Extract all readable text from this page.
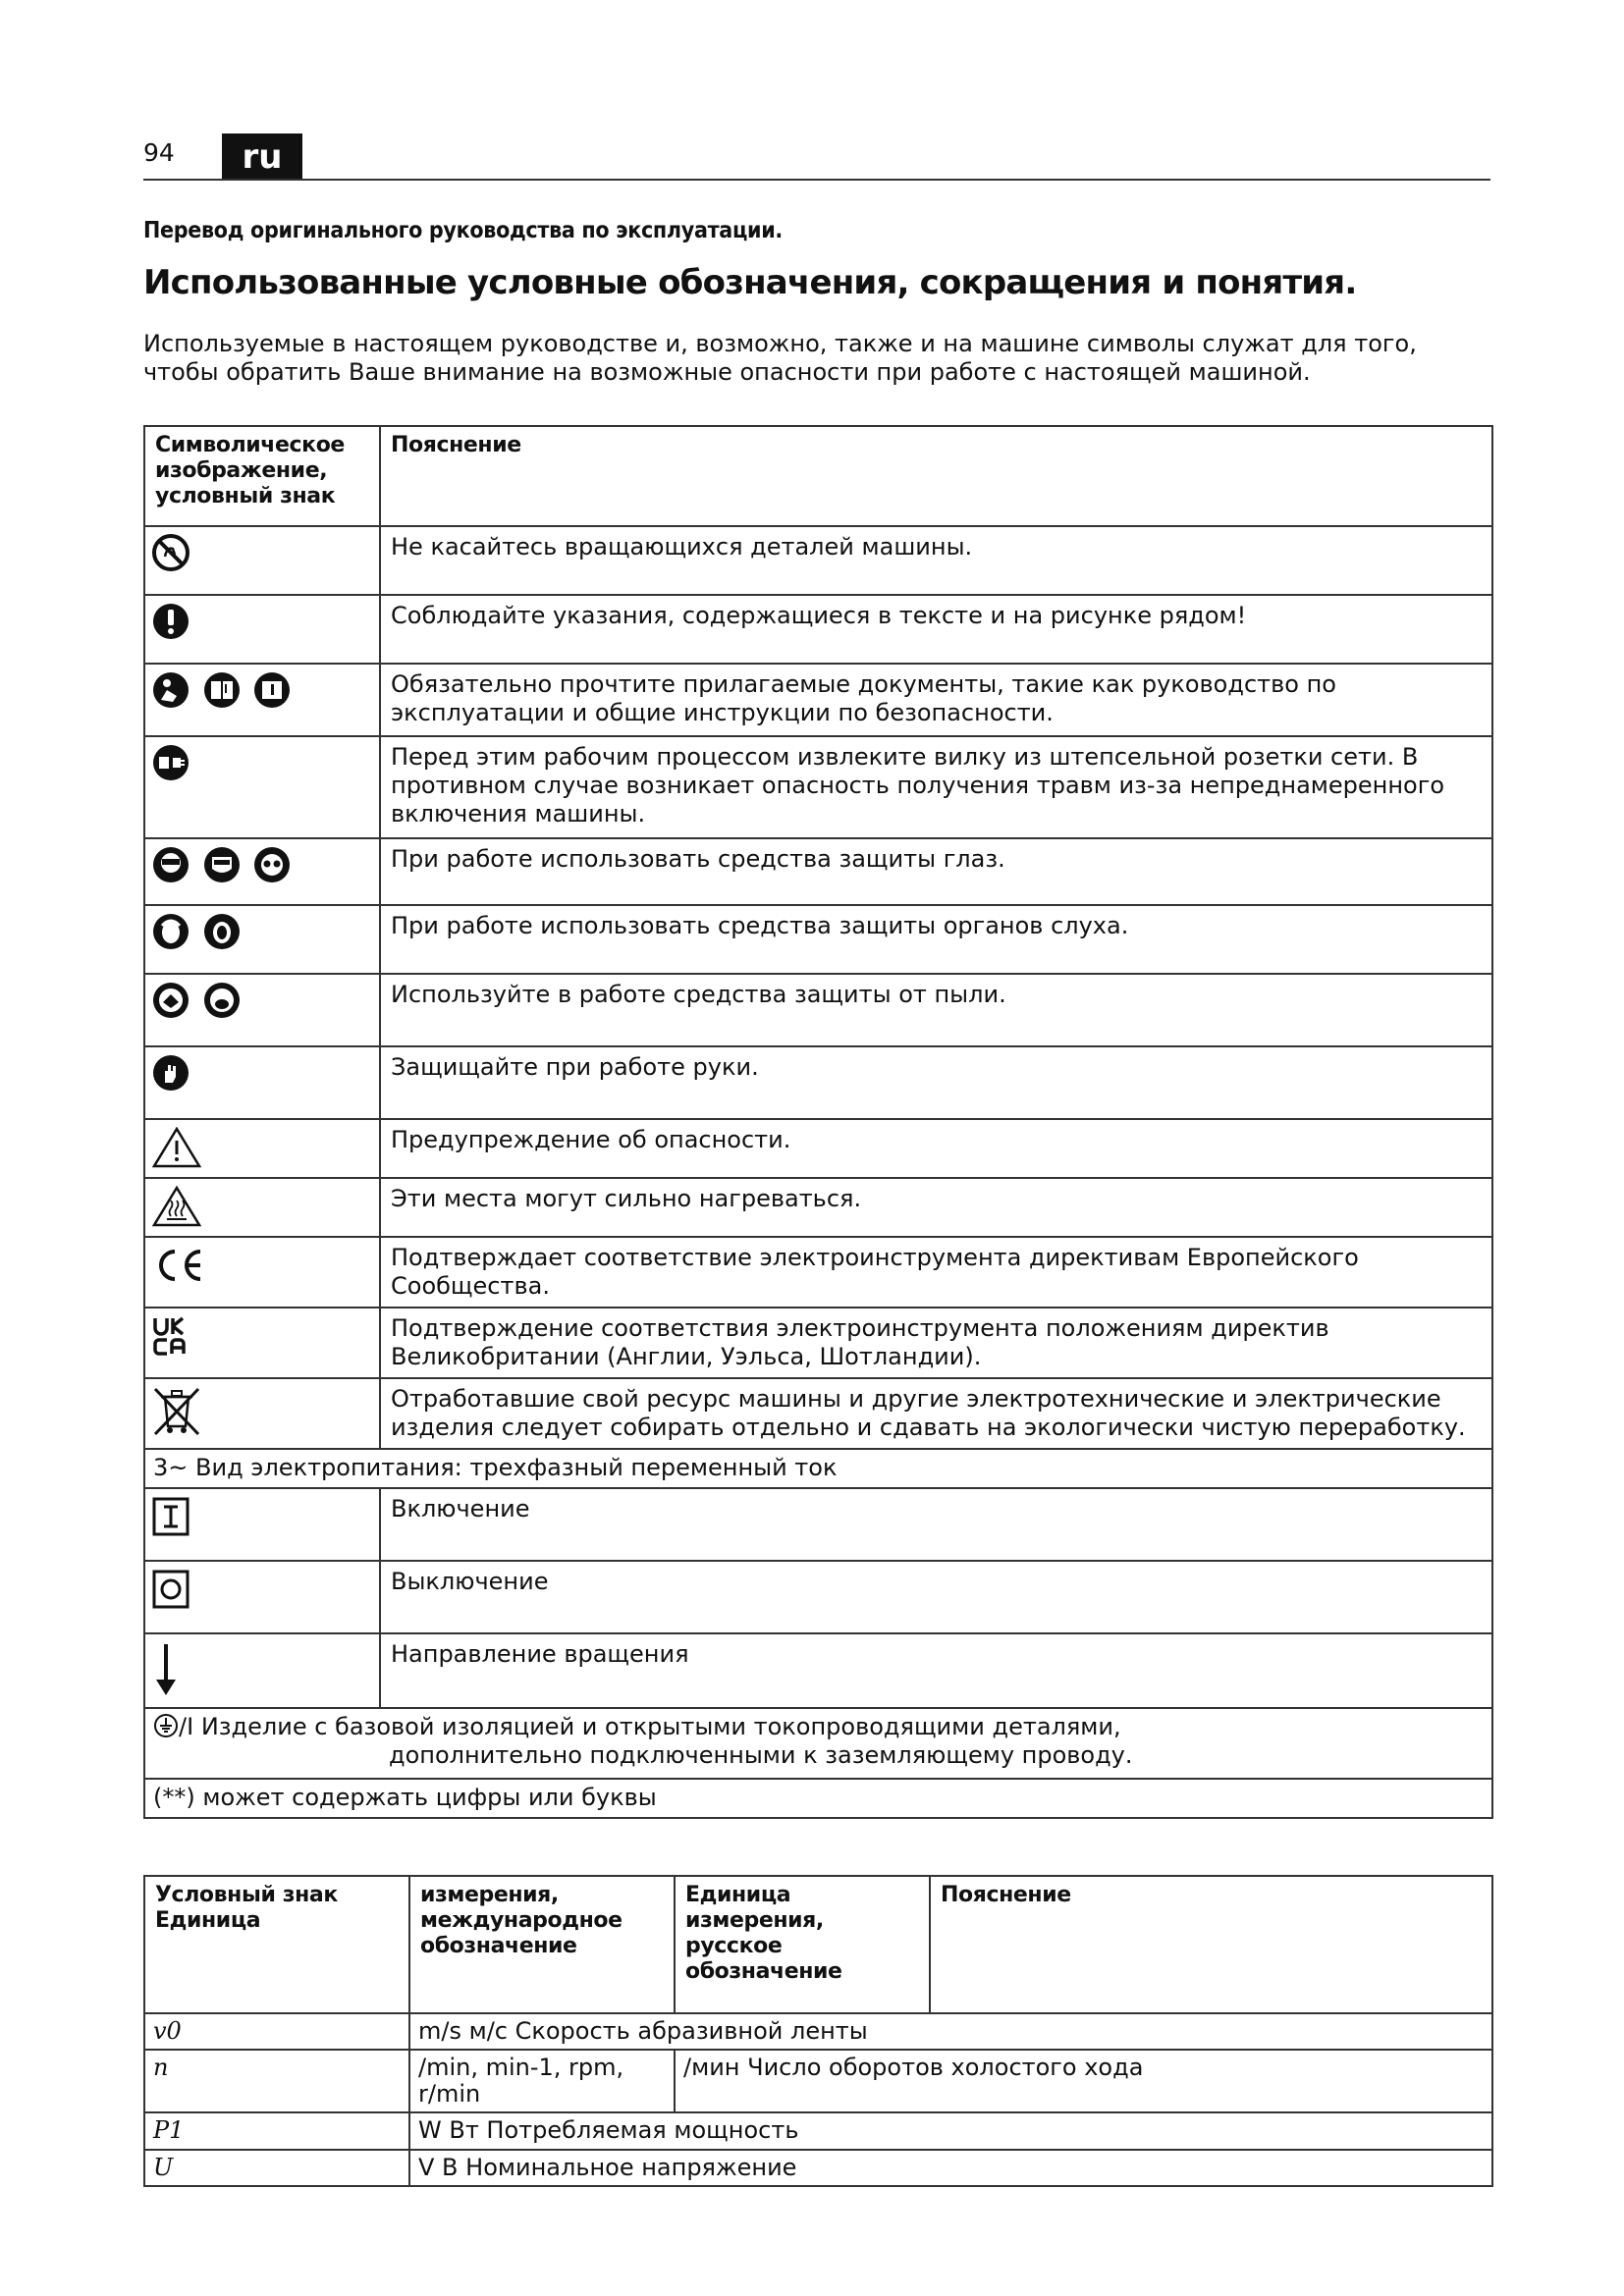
94	ru
Перевод оригинального руководства по эксплуатации.
Использованные условные обозначения, сокращения и понятия.
Используемые в настоящем руководстве и, возможно, также и на машине символы служат для того, чтобы обратить Ваше внимание на возможные опасности при работе с настоящей машиной.
Символическое изображение, условный знак	Пояснение
	Не касайтесь вращающихся деталей машины.
	Соблюдайте указания, содержащиеся в тексте и на рисунке рядом!
	Обязательно прочтите прилагаемые документы, такие как руководство по эксплуатации и общие инструкции по безопасности.
	Перед этим рабочим процессом извлеките вилку из штепсельной розетки сети. В противном случае возникает опасность получения травм из-за непреднамеренного включения машины.
	При работе использовать средства защиты глаз.
	При работе использовать средства защиты органов слуха.
	Используйте в работе средства защиты от пыли.
	Защищайте при работе руки.
	Предупреждение об опасности.
	Эти места могут сильно нагреваться.
	Подтверждает соответствие электроинструмента директивам Европейского Сообщества.
	Подтверждение соответствия электроинструмента положениям директив Великобритании (Англии, Уэльса, Шотландии).
	Отработавшие свой ресурс машины и другие электротехнические и электрические изделия следует собирать отдельно и сдавать на экологически чистую переработку.
3~ Вид электропитания: трехфазный переменный ток	
	Включение
	Выключение
	Направление вращения
/I Изделие с базовой изоляцией и открытыми токопроводящими деталями,
дополнительно подключенными к заземляющему проводу.	
(**) может содержать цифры или буквы	
Условный знак Единица	измерения, международное обозначение	Единица измерения, русское обозначение	Пояснение
v0	m/s м/с Скорость абразивной ленты		
n	/min, min-1, rpm, r/min	/мин Число оборотов холостого хода	
P1	W Вт Потребляемая мощность		
U	V В Номинальное напряжение		
